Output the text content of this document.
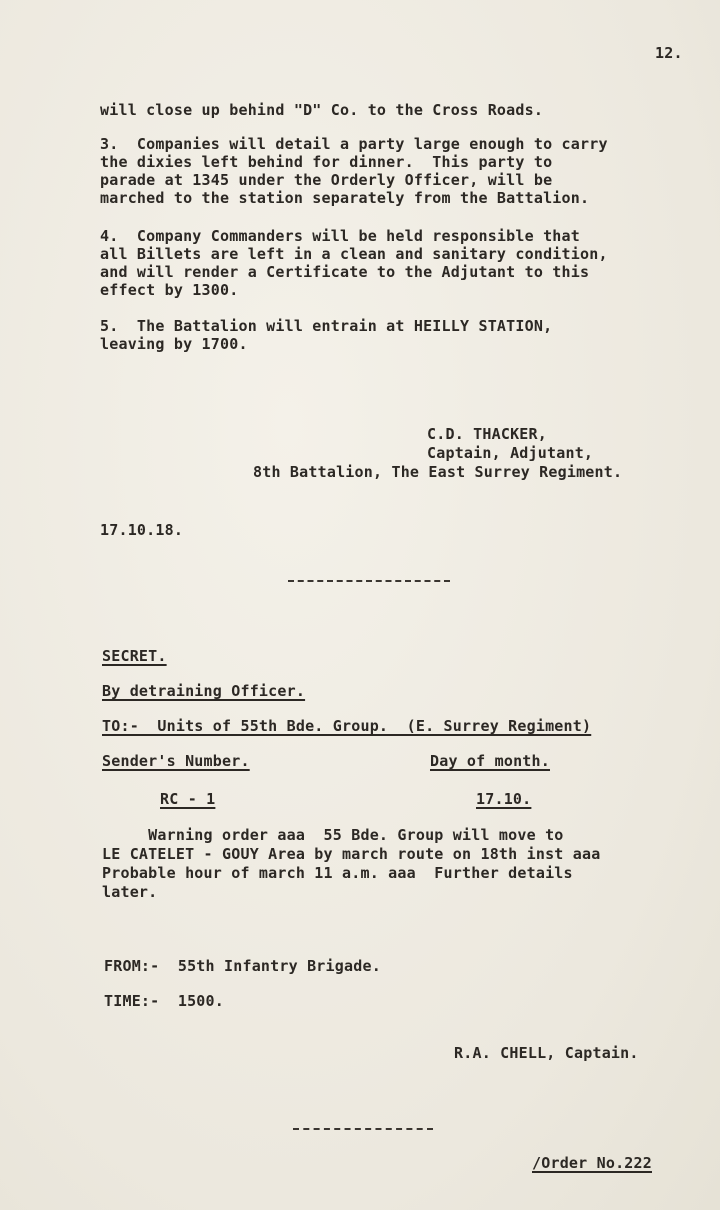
12.
will close up behind "D" Co. to the Cross Roads.
3.  Companies will detail a party large enough to carry
the dixies left behind for dinner.  This party to
parade at 1345 under the Orderly Officer, will be
marched to the station separately from the Battalion.
4.  Company Commanders will be held responsible that
all Billets are left in a clean and sanitary condition,
and will render a Certificate to the Adjutant to this
effect by 1300.
5.  The Battalion will entrain at HEILLY STATION,
leaving by 1700.
C.D. THACKER,
Captain, Adjutant,
8th Battalion, The East Surrey Regiment.
17.10.18.
SECRET.
By detraining Officer.
TO:-  Units of 55th Bde. Group.  (E. Surrey Regiment)
Sender's Number.	Day of month.
RC - 1	17.10.
Warning order aaa  55 Bde. Group will move to
LE CATELET - GOUY Area by march route on 18th inst aaa
Probable hour of march 11 a.m. aaa  Further details
later.
FROM:-  55th Infantry Brigade.
TIME:-  1500.
R.A. CHELL, Captain.
/Order No.222
